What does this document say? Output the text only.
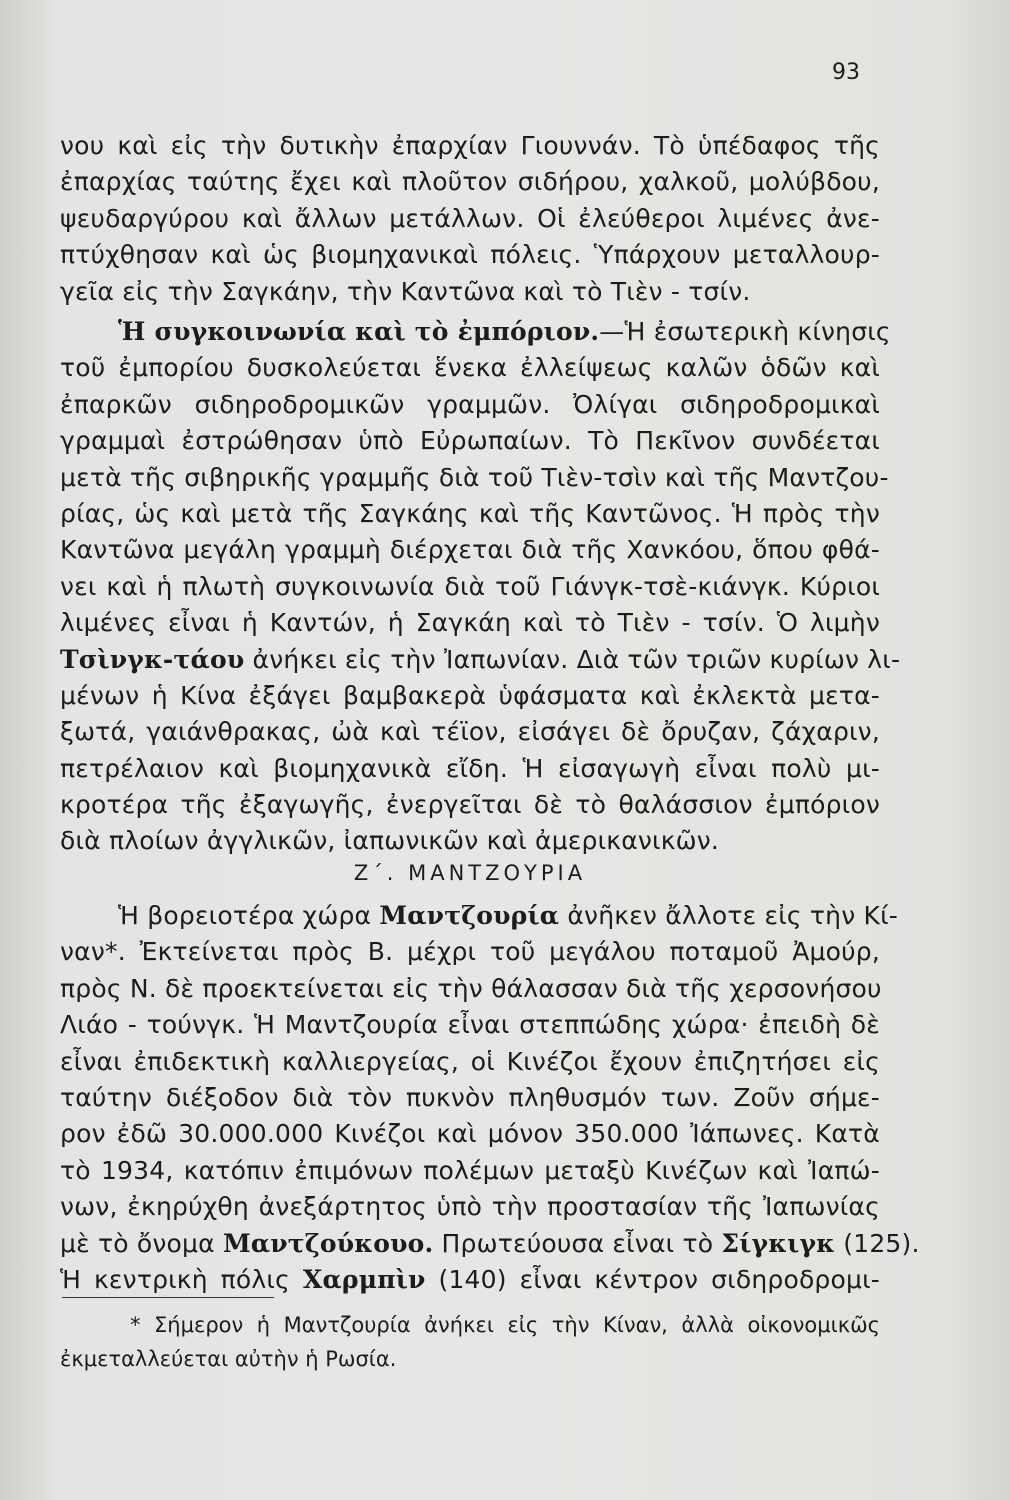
93
νου καὶ εἰς τὴν δυτικὴν ἐπαρχίαν Γιουννάν. Τὸ ὑπέδαφος τῆς
ἐπαρχίας ταύτης ἔχει καὶ πλοῦτον σιδήρου, χαλκοῦ, μολύβδου,
ψευδαργύρου καὶ ἄλλων μετάλλων. Οἱ ἐλεύθεροι λιμένες ἀνε-
πτύχθησαν καὶ ὡς βιομηχανικαὶ πόλεις. Ὑπάρχουν μεταλλουρ-
γεῖα εἰς τὴν Σαγκάην, τὴν Καντῶνα καὶ τὸ Τιὲν - τσίν.
Ἡ συγκοινωνία καὶ τὸ ἐμπόριον.—Ἡ ἐσωτερικὴ κίνησις
τοῦ ἐμπορίου δυσκολεύεται ἕνεκα ἐλλείψεως καλῶν ὁδῶν καὶ
ἐπαρκῶν σιδηροδρομικῶν γραμμῶν. Ὀλίγαι σιδηροδρομικαὶ
γραμμαὶ ἐστρώθησαν ὑπὸ Εὐρωπαίων. Τὸ Πεκῖνον συνδέεται
μετὰ τῆς σιβηρικῆς γραμμῆς διὰ τοῦ Τιὲν-τσὶν καὶ τῆς Μαντζου-
ρίας, ὡς καὶ μετὰ τῆς Σαγκάης καὶ τῆς Καντῶνος. Ἡ πρὸς τὴν
Καντῶνα μεγάλη γραμμὴ διέρχεται διὰ τῆς Χανκόου, ὅπου φθά-
νει καὶ ἡ πλωτὴ συγκοινωνία διὰ τοῦ Γιάνγκ-τσὲ-κιάνγκ. Κύριοι
λιμένες εἶναι ἡ Καντών, ἡ Σαγκάη καὶ τὸ Τιὲν - τσίν. Ὁ λιμὴν
Τσὶνγκ-τάου ἀνήκει εἰς τὴν Ἰαπωνίαν. Διὰ τῶν τριῶν κυρίων λι-
μένων ἡ Κίνα ἐξάγει βαμβακερὰ ὑφάσματα καὶ ἐκλεκτὰ μετα-
ξωτά, γαιάνθρακας, ὠὰ καὶ τέϊον, εἰσάγει δὲ ὄρυζαν, ζάχαριν,
πετρέλαιον καὶ βιομηχανικὰ εἴδη. Ἡ εἰσαγωγὴ εἶναι πολὺ μι-
κροτέρα τῆς ἐξαγωγῆς, ἐνεργεῖται δὲ τὸ θαλάσσιον ἐμπόριον
διὰ πλοίων ἀγγλικῶν, ἰαπωνικῶν καὶ ἀμερικανικῶν.
Ζ΄. ΜΑΝΤΖΟΥΡΙΑ
Ἡ βορειοτέρα χώρα Μαντζουρία ἀνῆκεν ἄλλοτε εἰς τὴν Κί-
ναν*. Ἐκτείνεται πρὸς Β. μέχρι τοῦ μεγάλου ποταμοῦ Ἀμούρ,
πρὸς Ν. δὲ προεκτείνεται εἰς τὴν θάλασσαν διὰ τῆς χερσονήσου
Λιάο - τούνγκ. Ἡ Μαντζουρία εἶναι στεππώδης χώρα· ἐπειδὴ δὲ
εἶναι ἐπιδεκτικὴ καλλιεργείας, οἱ Κινέζοι ἔχουν ἐπιζητήσει εἰς
ταύτην διέξοδον διὰ τὸν πυκνὸν πληθυσμόν των. Ζοῦν σήμε-
ρον ἐδῶ 30.000.000 Κινέζοι καὶ μόνον 350.000 Ἰάπωνες. Κατὰ
τὸ 1934, κατόπιν ἐπιμόνων πολέμων μεταξὺ Κινέζων καὶ Ἰαπώ-
νων, ἐκηρύχθη ἀνεξάρτητος ὑπὸ τὴν προστασίαν τῆς Ἰαπωνίας
μὲ τὸ ὄνομα Μαντζούκουο. Πρωτεύουσα εἶναι τὸ Σίγκιγκ (125).
Ἡ κεντρικὴ πόλις Χαρμπὶν (140) εἶναι κέντρον σιδηροδρομι-
* Σήμερον ἡ Μαντζουρία ἀνήκει εἰς τὴν Κίναν, ἀλλὰ οἰκονομικῶς
ἐκμεταλλεύεται αὐτὴν ἡ Ρωσία.
